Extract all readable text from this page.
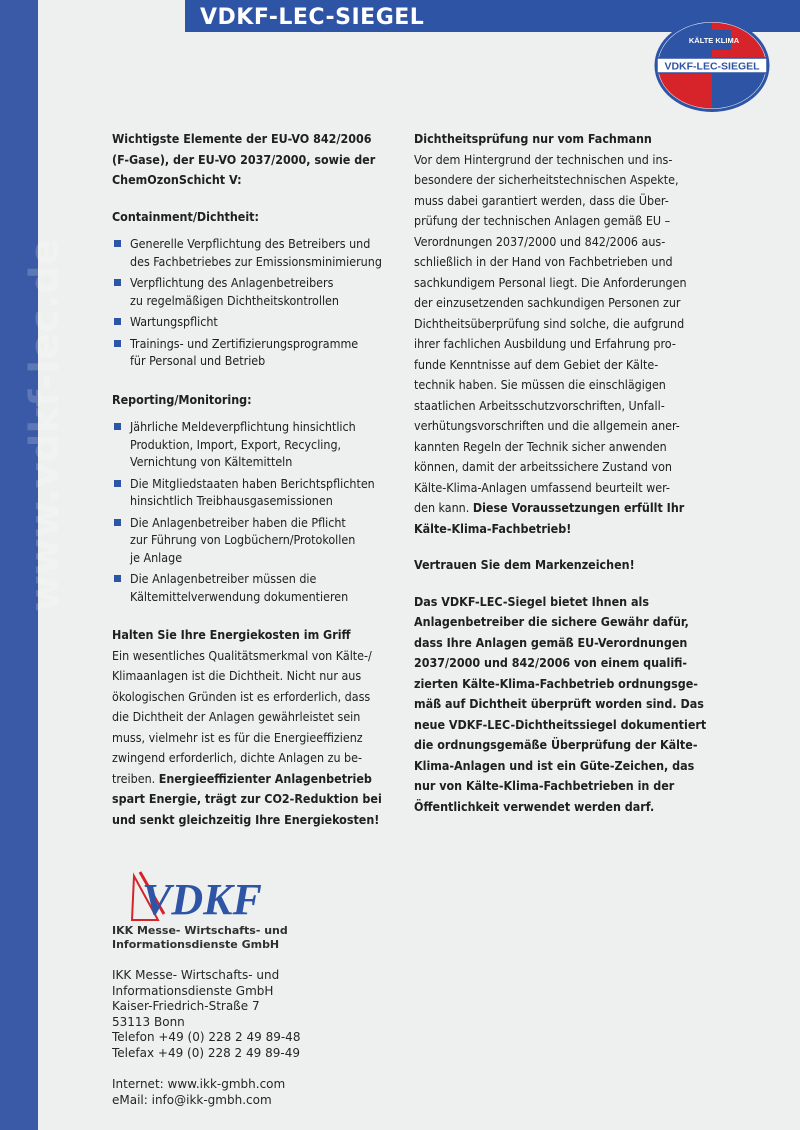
VDKF-LEC-SIEGEL
www.vdkf-lec.de
KÄLTE KLIMA
VDKF-LEC-SIEGEL
Wichtigste Elemente der EU-VO 842/2006
(F-Gase), der EU-VO 2037/2000, sowie der
ChemOzonSchicht V:
Containment/Dichtheit:
Generelle Verpflichtung des Betreibers und
des Fachbetriebes zur Emissionsminimierung
Verpflichtung des Anlagenbetreibers
zu regelmäßigen Dichtheitskontrollen
Wartungspflicht
Trainings- und Zertifizierungsprogramme
für Personal und Betrieb
Reporting/Monitoring:
Jährliche Meldeverpflichtung hinsichtlich
Produktion, Import, Export, Recycling,
Vernichtung von Kältemitteln
Die Mitgliedstaaten haben Berichtspflichten
hinsichtlich Treibhausgasemissionen
Die Anlagenbetreiber haben die Pflicht
zur Führung von Logbüchern/Protokollen
je Anlage
Die Anlagenbetreiber müssen die
Kältemittelverwendung dokumentieren
Halten Sie Ihre Energiekosten im Griff
Ein wesentliches Qualitätsmerkmal von Kälte-/
Klimaanlagen ist die Dichtheit. Nicht nur aus
ökologischen Gründen ist es erforderlich, dass
die Dichtheit der Anlagen gewährleistet sein
muss, vielmehr ist es für die Energieeffizienz
zwingend erforderlich, dichte Anlagen zu be-
treiben. Energieeffizienter Anlagenbetrieb
spart Energie, trägt zur CO2-Reduktion bei
und senkt gleichzeitig Ihre Energiekosten!
Dichtheitsprüfung nur vom Fachmann
Vor dem Hintergrund der technischen und ins-
besondere der sicherheitstechnischen Aspekte,
muss dabei garantiert werden, dass die Über-
prüfung der technischen Anlagen gemäß EU –
Verordnungen 2037/2000 und 842/2006 aus-
schließlich in der Hand von Fachbetrieben und
sachkundigem Personal liegt. Die Anforderungen
der einzusetzenden sachkundigen Personen zur
Dichtheitsüberprüfung sind solche, die aufgrund
ihrer fachlichen Ausbildung und Erfahrung pro-
funde Kenntnisse auf dem Gebiet der Kälte-
technik haben. Sie müssen die einschlägigen
staatlichen Arbeitsschutzvorschriften, Unfall-
verhütungsvorschriften und die allgemein aner-
kannten Regeln der Technik sicher anwenden
können, damit der arbeitssichere Zustand von
Kälte-Klima-Anlagen umfassend beurteilt wer-
den kann. Diese Voraussetzungen erfüllt Ihr
Kälte-Klima-Fachbetrieb!
Vertrauen Sie dem Markenzeichen!
Das VDKF-LEC-Siegel bietet Ihnen als
Anlagenbetreiber die sichere Gewähr dafür,
dass Ihre Anlagen gemäß EU-Verordnungen
2037/2000 und 842/2006 von einem qualifi-
zierten Kälte-Klima-Fachbetrieb ordnungsge-
mäß auf Dichtheit überprüft worden sind. Das
neue VDKF-LEC-Dichtheitssiegel dokumentiert
die ordnungsgemäße Überprüfung der Kälte-
Klima-Anlagen und ist ein Güte-Zeichen, das
nur von Kälte-Klima-Fachbetrieben in der
Öffentlichkeit verwendet werden darf.
VDKF
IKK Messe- Wirtschafts- und
Informationsdienste GmbH
IKK Messe- Wirtschafts- und
Informationsdienste GmbH
Kaiser-Friedrich-Straße 7
53113 Bonn
Telefon +49 (0) 228 2 49 89-48
Telefax +49 (0) 228 2 49 89-49
Internet: www.ikk-gmbh.com
eMail: info@ikk-gmbh.com
